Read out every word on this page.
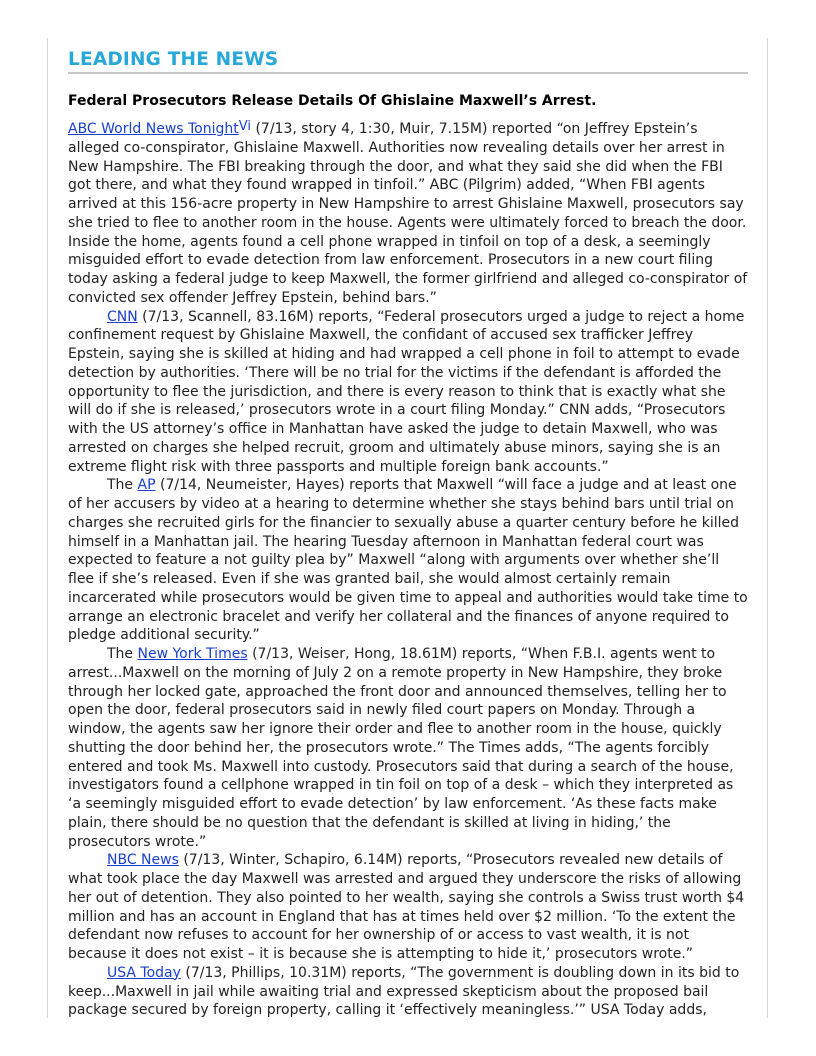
LEADING THE NEWS
Federal Prosecutors Release Details Of Ghislaine Maxwell’s Arrest.

ABC World News TonightVi (7/13, story 4, 1:30, Muir, 7.15M) reported “on Jeffrey Epstein’s alleged co-conspirator, Ghislaine Maxwell. Authorities now revealing details over her arrest in New Hampshire. The FBI breaking through the door, and what they said she did when the FBI got there, and what they found wrapped in tinfoil.” ABC (Pilgrim) added, “When FBI agents arrived at this 156-acre property in New Hampshire to arrest Ghislaine Maxwell, prosecutors say she tried to flee to another room in the house. Agents were ultimately forced to breach the door. Inside the home, agents found a cell phone wrapped in tinfoil on top of a desk, a seemingly misguided effort to evade detection from law enforcement. Prosecutors in a new court filing today asking a federal judge to keep Maxwell, the former girlfriend and alleged co-conspirator of convicted sex offender Jeffrey Epstein, behind bars.”

CNN (7/13, Scannell, 83.16M) reports, “Federal prosecutors urged a judge to reject a home confinement request by Ghislaine Maxwell, the confidant of accused sex trafficker Jeffrey Epstein, saying she is skilled at hiding and had wrapped a cell phone in foil to attempt to evade detection by authorities. ‘There will be no trial for the victims if the defendant is afforded the opportunity to flee the jurisdiction, and there is every reason to think that is exactly what she will do if she is released,’ prosecutors wrote in a court filing Monday.” CNN adds, “Prosecutors with the US attorney’s office in Manhattan have asked the judge to detain Maxwell, who was arrested on charges she helped recruit, groom and ultimately abuse minors, saying she is an extreme flight risk with three passports and multiple foreign bank accounts.”

The AP (7/14, Neumeister, Hayes) reports that Maxwell “will face a judge and at least one of her accusers by video at a hearing to determine whether she stays behind bars until trial on charges she recruited girls for the financier to sexually abuse a quarter century before he killed himself in a Manhattan jail. The hearing Tuesday afternoon in Manhattan federal court was expected to feature a not guilty plea by” Maxwell “along with arguments over whether she’ll flee if she’s released. Even if she was granted bail, she would almost certainly remain incarcerated while prosecutors would be given time to appeal and authorities would take time to arrange an electronic bracelet and verify her collateral and the finances of anyone required to pledge additional security.”

The New York Times (7/13, Weiser, Hong, 18.61M) reports, “When F.B.I. agents went to arrest...Maxwell on the morning of July 2 on a remote property in New Hampshire, they broke through her locked gate, approached the front door and announced themselves, telling her to open the door, federal prosecutors said in newly filed court papers on Monday. Through a window, the agents saw her ignore their order and flee to another room in the house, quickly shutting the door behind her, the prosecutors wrote.” The Times adds, “The agents forcibly entered and took Ms. Maxwell into custody. Prosecutors said that during a search of the house, investigators found a cellphone wrapped in tin foil on top of a desk – which they interpreted as ‘a seemingly misguided effort to evade detection’ by law enforcement. ‘As these facts make plain, there should be no question that the defendant is skilled at living in hiding,’ the prosecutors wrote.”

NBC News (7/13, Winter, Schapiro, 6.14M) reports, “Prosecutors revealed new details of what took place the day Maxwell was arrested and argued they underscore the risks of allowing her out of detention. They also pointed to her wealth, saying she controls a Swiss trust worth $4 million and has an account in England that has at times held over $2 million. ‘To the extent the defendant now refuses to account for her ownership of or access to vast wealth, it is not because it does not exist – it is because she is attempting to hide it,’ prosecutors wrote.”

USA Today (7/13, Phillips, 10.31M) reports, “The government is doubling down in its bid to keep...Maxwell in jail while awaiting trial and expressed skepticism about the proposed bail package secured by foreign property, calling it ‘effectively meaningless.’” USA Today adds,
